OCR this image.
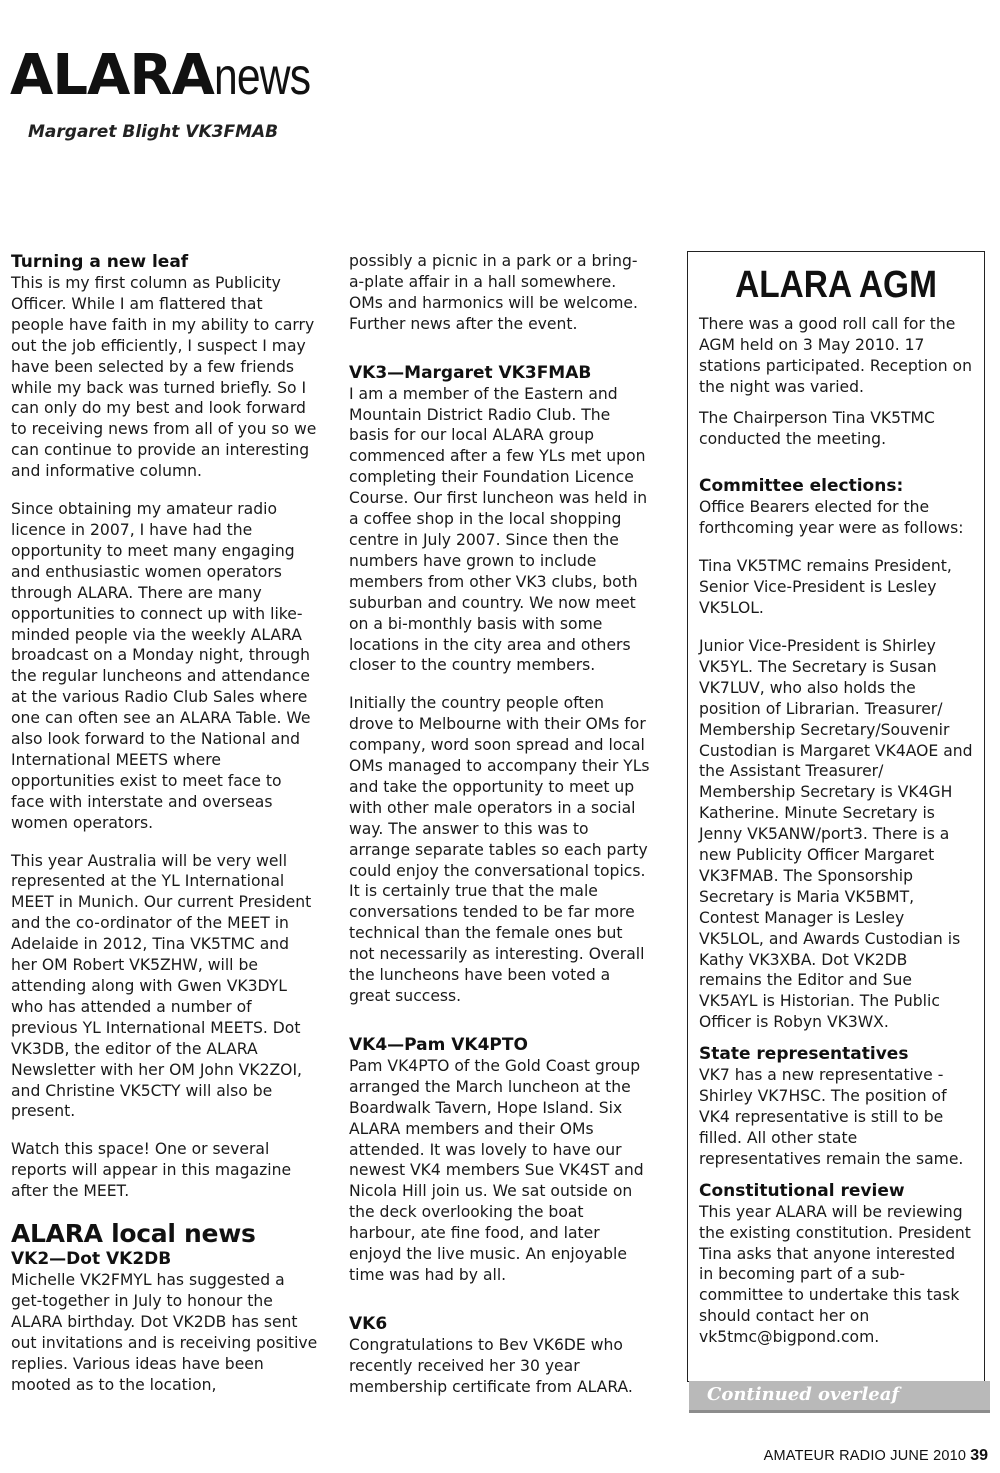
ALARAnews
Margaret Blight VK3FMAB
Turning a new leaf

This is my first column as Publicity Officer. While I am flattered that people have faith in my ability to carry out the job efficiently, I suspect I may have been selected by a few friends while my back was turned briefly. So I can only do my best and look forward to receiving news from all of you so we can continue to provide an interesting and informative column.

Since obtaining my amateur radio licence in 2007, I have had the opportunity to meet many engaging and enthusiastic women operators through ALARA. There are many opportunities to connect up with like-minded people via the weekly ALARA broadcast on a Monday night, through the regular luncheons and attendance at the various Radio Club Sales where one can often see an ALARA Table. We also look forward to the National and International MEETS where opportunities exist to meet face to face with interstate and overseas women operators.

This year Australia will be very well represented at the YL International MEET in Munich. Our current President and the co-ordinator of the MEET in Adelaide in 2012, Tina VK5TMC and her OM Robert VK5ZHW, will be attending along with Gwen VK3DYL who has attended a number of previous YL International MEETS. Dot VK3DB, the editor of the ALARA Newsletter with her OM John VK2ZOI, and Christine VK5CTY will also be present.

Watch this space! One or several reports will appear in this magazine after the MEET.

ALARA local news
VK2—Dot VK2DB

Michelle VK2FMYL has suggested a get-together in July to honour the ALARA birthday. Dot VK2DB has sent out invitations and is receiving positive replies. Various ideas have been mooted as to the location,

possibly a picnic in a park or a bring-a-plate affair in a hall somewhere. OMs and harmonics will be welcome. Further news after the event.

VK3—Margaret VK3FMAB

I am a member of the Eastern and Mountain District Radio Club. The basis for our local ALARA group commenced after a few YLs met upon completing their Foundation Licence Course. Our first luncheon was held in a coffee shop in the local shopping centre in July 2007. Since then the numbers have grown to include members from other VK3 clubs, both suburban and country. We now meet on a bi-monthly basis with some locations in the city area and others closer to the country members.

Initially the country people often drove to Melbourne with their OMs for company, word soon spread and local OMs managed to accompany their YLs and take the opportunity to meet up with other male operators in a social way. The answer to this was to arrange separate tables so each party could enjoy the conversational topics. It is certainly true that the male conversations tended to be far more technical than the female ones but not necessarily as interesting. Overall the luncheons have been voted a great success.

VK4—Pam VK4PTO

Pam VK4PTO of the Gold Coast group arranged the March luncheon at the Boardwalk Tavern, Hope Island. Six ALARA members and their OMs attended. It was lovely to have our newest VK4 members Sue VK4ST and Nicola Hill join us. We sat outside on the deck overlooking the boat harbour, ate fine food, and later enjoyd the live music. An enjoyable time was had by all.

VK6

Congratulations to Bev VK6DE who recently received her 30 year membership certificate from ALARA.

ALARA AGM

There was a good roll call for the AGM held on 3 May 2010. 17 stations participated. Reception on the night was varied.

The Chairperson Tina VK5TMC conducted the meeting.

Committee elections:

Office Bearers elected for the forthcoming year were as follows:

Tina VK5TMC remains President, Senior Vice-President is Lesley VK5LOL.

Junior Vice-President is Shirley VK5YL. The Secretary is Susan VK7LUV, who also holds the position of Librarian. Treasurer/ Membership Secretary/Souvenir Custodian is Margaret VK4AOE and the Assistant Treasurer/ Membership Secretary is VK4GH Katherine. Minute Secretary is Jenny VK5ANW/port3. There is a new Publicity Officer Margaret VK3FMAB. The Sponsorship Secretary is Maria VK5BMT, Contest Manager is Lesley VK5LOL, and Awards Custodian is Kathy VK3XBA. Dot VK2DB remains the Editor and Sue VK5AYL is Historian. The Public Officer is Robyn VK3WX.

State representatives

VK7 has a new representative - Shirley VK7HSC. The position of VK4 representative is still to be filled. All other state representatives remain the same.

Constitutional review

This year ALARA will be reviewing the existing constitution. President Tina asks that anyone interested in becoming part of a sub-committee to undertake this task should contact her on vk5tmc@bigpond.com.

Continued overleaf
AMATEUR RADIO JUNE 2010 39
